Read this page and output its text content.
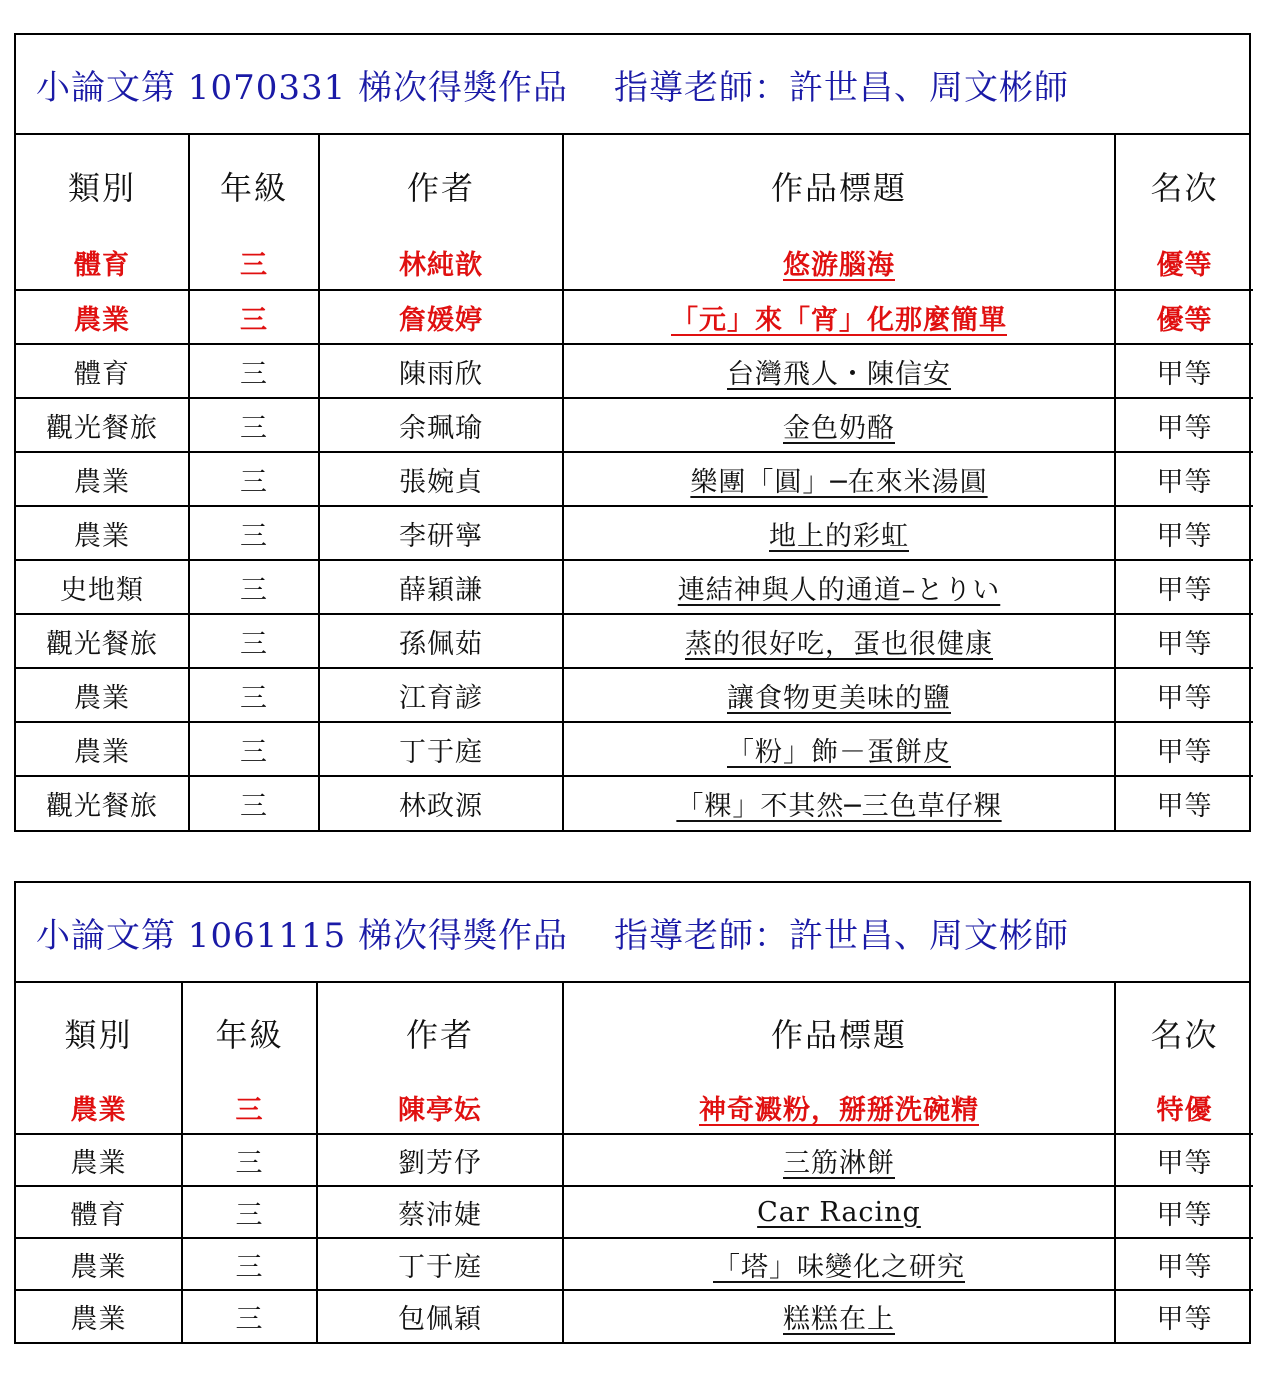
小論文第 1070331 梯次得獎作品 指導老師：許世昌、周文彬師
類別	年級	作者	作品標題	名次
體育	三	林純歆	悠游腦海	優等
農業	三	詹媛婷	「元」來「宵」化那麼簡單	優等
體育	三	陳雨欣	台灣飛人・陳信安	甲等
觀光餐旅	三	余珮瑜	金色奶酪	甲等
農業	三	張婉貞	樂團「圓」─在來米湯圓	甲等
農業	三	李研寧	地上的彩虹	甲等
史地類	三	薛穎謙	連結神與人的通道–とりい	甲等
觀光餐旅	三	孫佩茹	蒸的很好吃，蛋也很健康	甲等
農業	三	江育諺	讓食物更美味的鹽	甲等
農業	三	丁于庭	「粉」飾－蛋餅皮	甲等
觀光餐旅	三	林政源	「粿」不其然─三色草仔粿	甲等
小論文第 1061115 梯次得獎作品 指導老師：許世昌、周文彬師
類別	年級	作者	作品標題	名次
農業	三	陳亭妘	神奇澱粉，掰掰洗碗精	特優
農業	三	劉芳伃	三筋淋餅	甲等
體育	三	蔡沛婕	Car Racing	甲等
農業	三	丁于庭	「塔」味變化之研究	甲等
農業	三	包佩穎	糕糕在上	甲等
